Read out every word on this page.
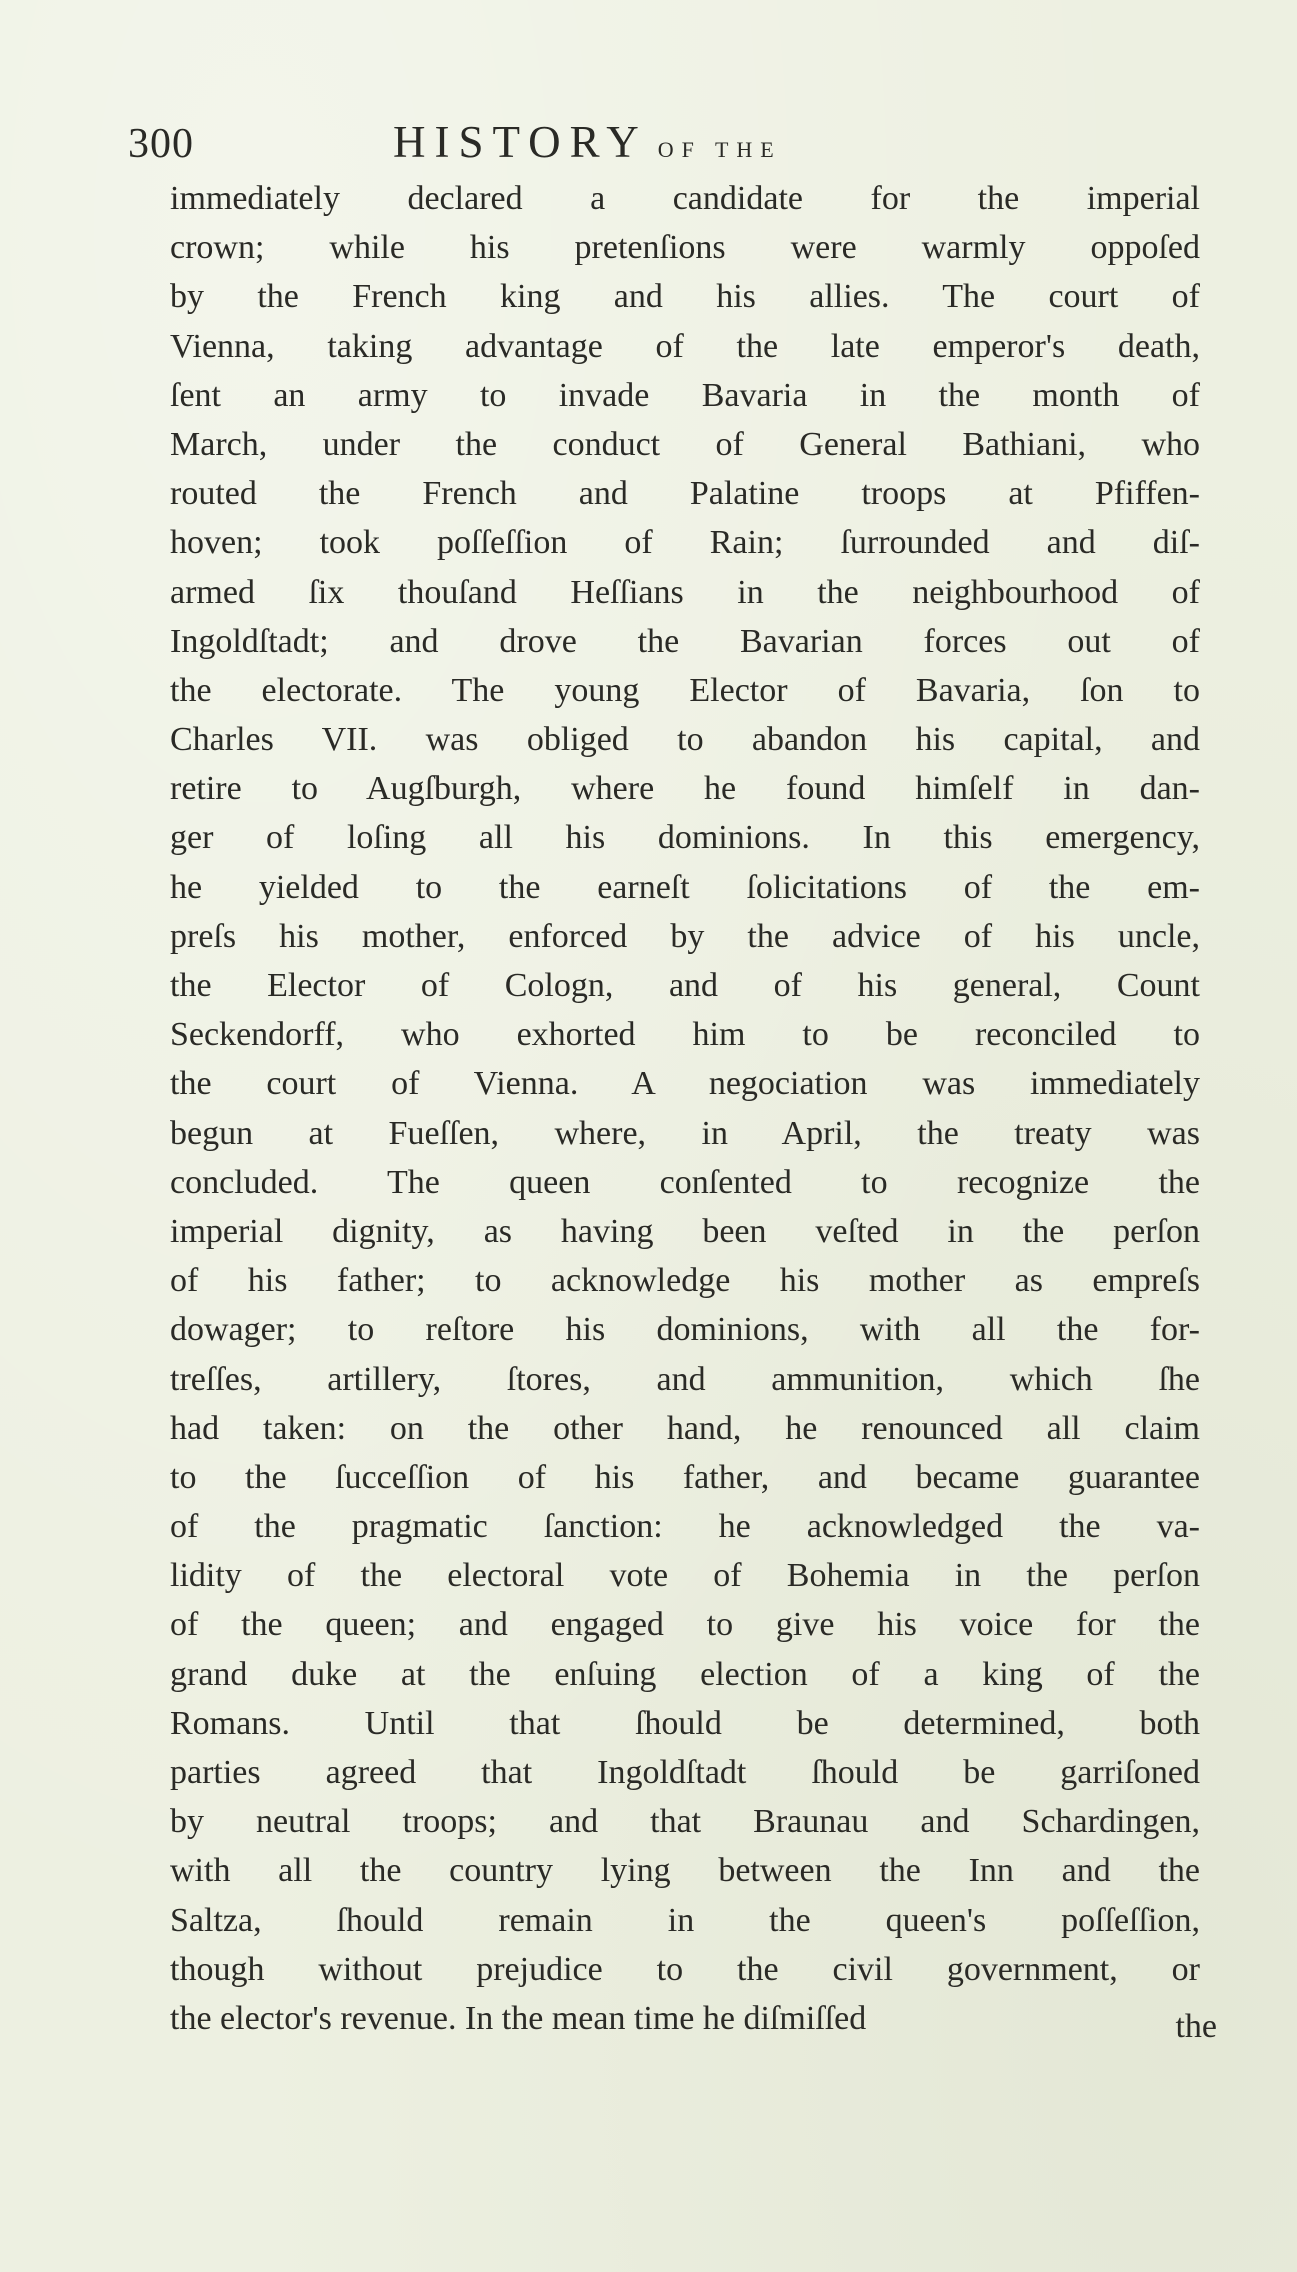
300	HISTORY OF THE
immediately declared a candidate for the imperial
crown; while his pretenſions were warmly oppoſed
by the French king and his allies. The court of
Vienna, taking advantage of the late emperor's death,
ſent an army to invade Bavaria in the month of
March, under the conduct of General Bathiani, who
routed the French and Palatine troops at Pfiffen-
hoven; took poſſeſſion of Rain; ſurrounded and diſ-
armed ſix thouſand Heſſians in the neighbourhood of
Ingoldſtadt; and drove the Bavarian forces out of
the electorate. The young Elector of Bavaria, ſon to
Charles VII. was obliged to abandon his capital, and
retire to Augſburgh, where he found himſelf in dan-
ger of loſing all his dominions. In this emergency,
he yielded to the earneſt ſolicitations of the em-
preſs his mother, enforced by the advice of his uncle,
the Elector of Cologn, and of his general, Count
Seckendorff, who exhorted him to be reconciled to
the court of Vienna. A negociation was immediately
begun at Fueſſen, where, in April, the treaty was
concluded. The queen conſented to recognize the
imperial dignity, as having been veſted in the perſon
of his father; to acknowledge his mother as empreſs
dowager; to reſtore his dominions, with all the for-
treſſes, artillery, ſtores, and ammunition, which ſhe
had taken: on the other hand, he renounced all claim
to the ſucceſſion of his father, and became guarantee
of the pragmatic ſanction: he acknowledged the va-
lidity of the electoral vote of Bohemia in the perſon
of the queen; and engaged to give his voice for the
grand duke at the enſuing election of a king of the
Romans. Until that ſhould be determined, both
parties agreed that Ingoldſtadt ſhould be garriſoned
by neutral troops; and that Braunau and Schardingen,
with all the country lying between the Inn and the
Saltza, ſhould remain in the queen's poſſeſſion,
though without prejudice to the civil government, or
the elector's revenue. In the mean time he diſmiſſed	the
